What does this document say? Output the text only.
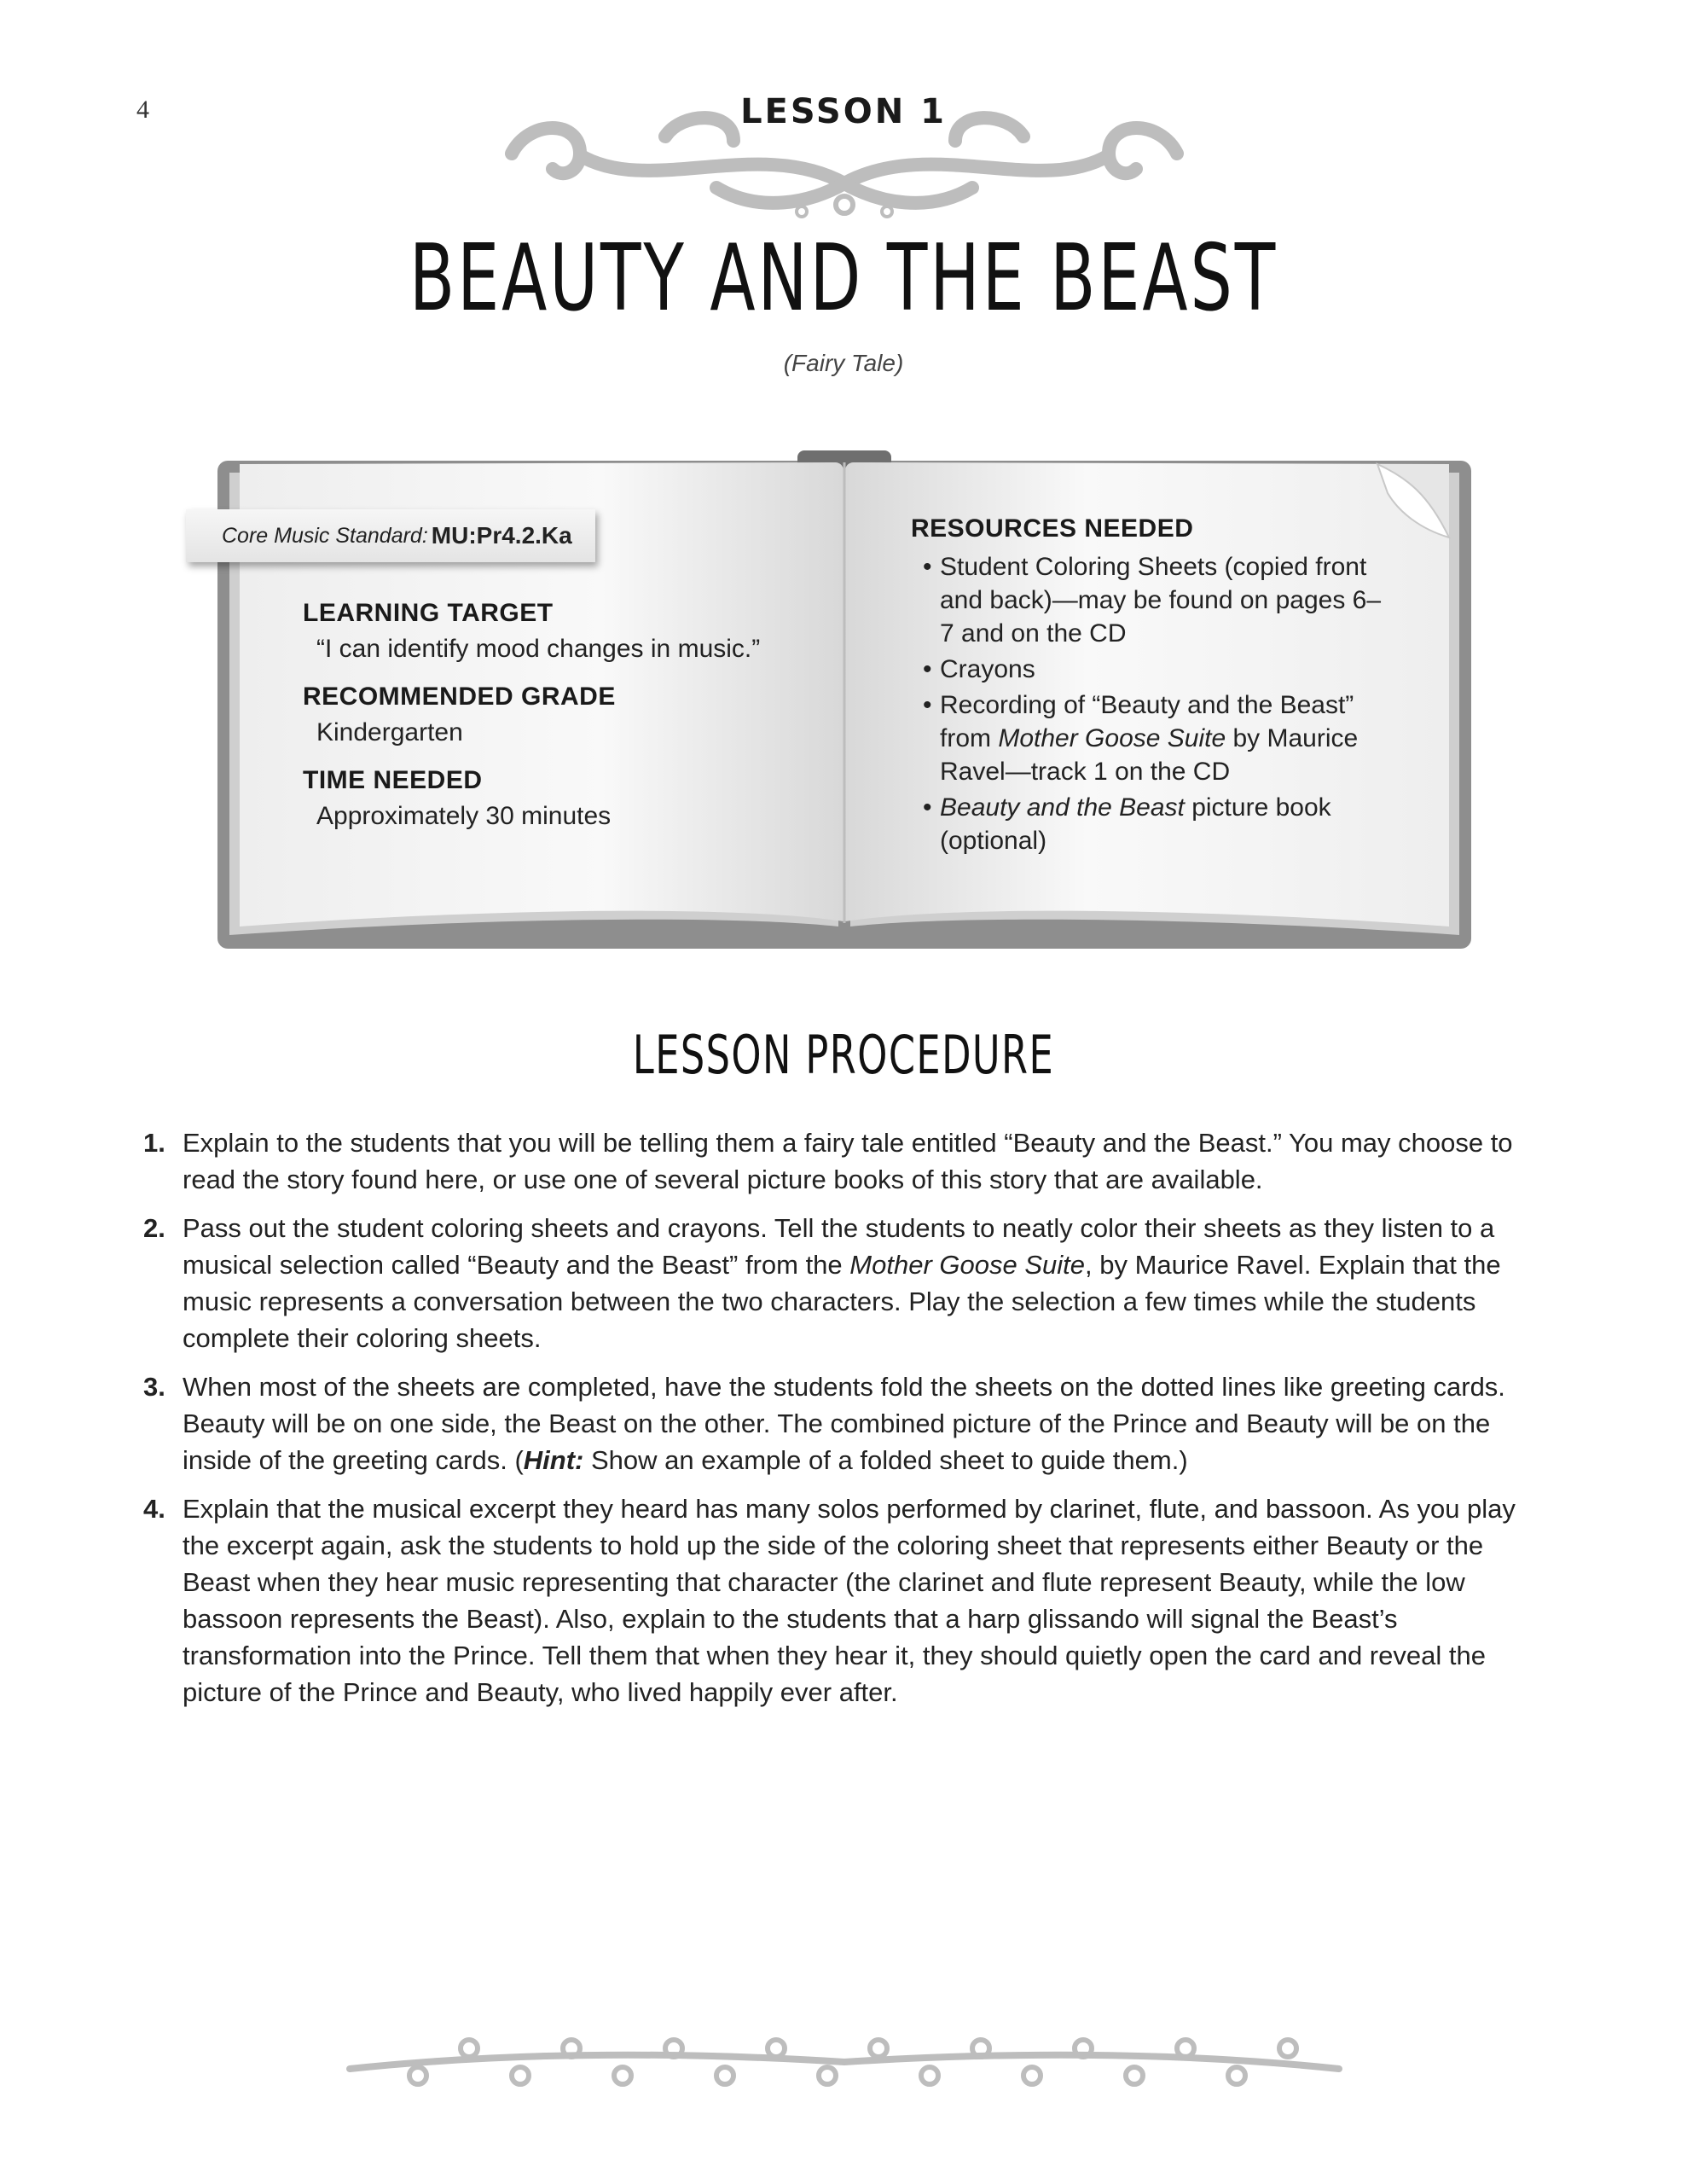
4	LESSON 1
BEAUTY AND THE BEAST
(Fairy Tale)
Core Music Standard: MU:Pr4.2.Ka
LEARNING TARGET
“I can identify mood changes in music.”
RECOMMENDED GRADE
Kindergarten
TIME NEEDED
Approximately 30 minutes
RESOURCES NEEDED
• Student Coloring Sheets (copied front and back)—may be found on pages 6–7 and on the CD
• Crayons
• Recording of “Beauty and the Beast” from Mother Goose Suite by Maurice Ravel—track 1 on the CD
• Beauty and the Beast picture book (optional)
LESSON PROCEDURE
1. Explain to the students that you will be telling them a fairy tale entitled “Beauty and the Beast.” You may choose to read the story found here, or use one of several picture books of this story that are available.
2. Pass out the student coloring sheets and crayons. Tell the students to neatly color their sheets as they listen to a musical selection called “Beauty and the Beast” from the Mother Goose Suite, by Maurice Ravel. Explain that the music represents a conversation between the two characters. Play the selection a few times while the students complete their coloring sheets.
3. When most of the sheets are completed, have the students fold the sheets on the dotted lines like greeting cards. Beauty will be on one side, the Beast on the other. The combined picture of the Prince and Beauty will be on the inside of the greeting cards. (Hint: Show an example of a folded sheet to guide them.)
4. Explain that the musical excerpt they heard has many solos performed by clarinet, flute, and bassoon. As you play the excerpt again, ask the students to hold up the side of the coloring sheet that represents either Beauty or the Beast when they hear music representing that character (the clarinet and flute represent Beauty, while the low bassoon represents the Beast). Also, explain to the students that a harp glissando will signal the Beast’s transformation into the Prince. Tell them that when they hear it, they should quietly open the card and reveal the picture of the Prince and Beauty, who lived happily ever after.
